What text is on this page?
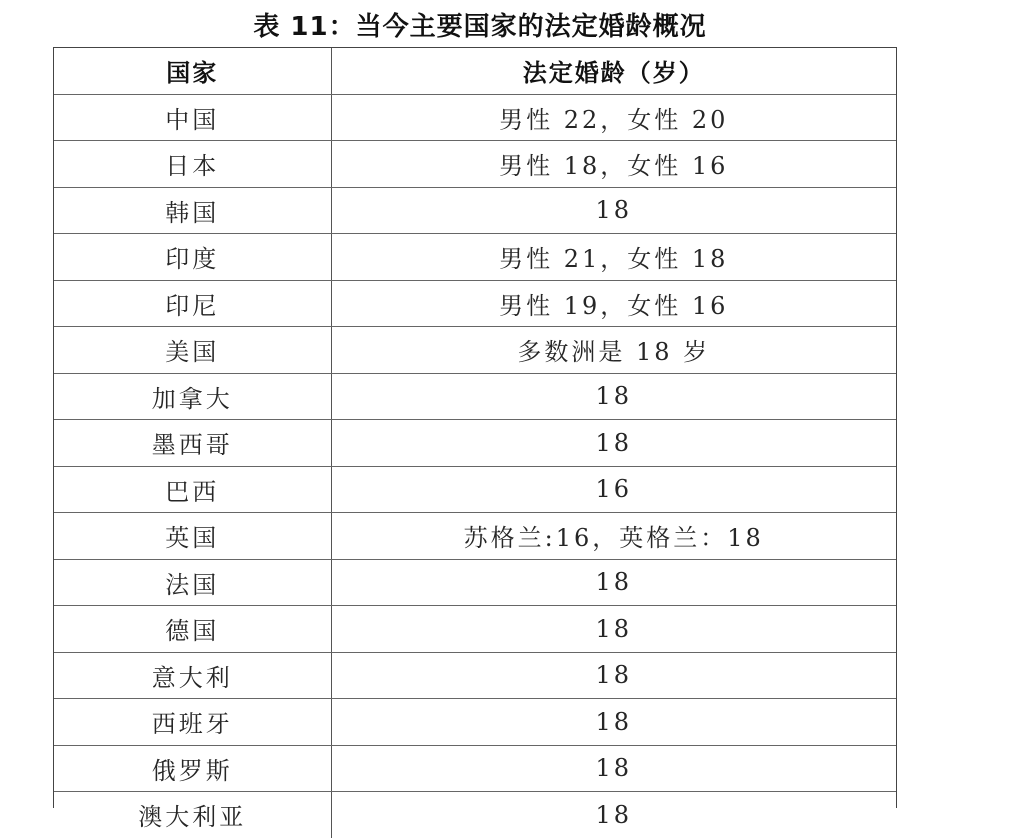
表 11：当今主要国家的法定婚龄概况
国家	法定婚龄（岁）
中国	男性 22，女性 20
日本	男性 18，女性 16
韩国	18
印度	男性 21，女性 18
印尼	男性 19，女性 16
美国	多数洲是 18 岁
加拿大	18
墨西哥	18
巴西	16
英国	苏格兰:16，英格兰：18
法国	18
德国	18
意大利	18
西班牙	18
俄罗斯	18
澳大利亚	18
